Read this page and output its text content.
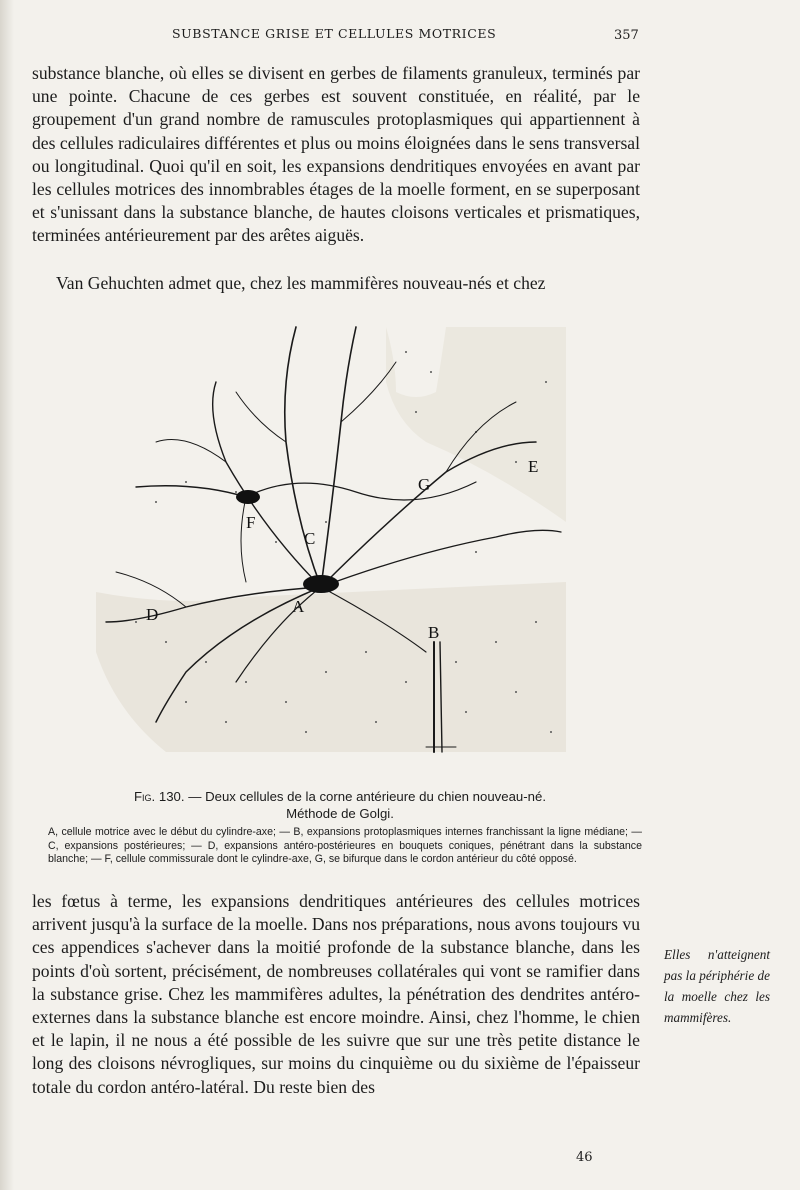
SUBSTANCE GRISE ET CELLULES MOTRICES	357

substance blanche, où elles se divisent en gerbes de filaments granuleux, terminés par une pointe. Chacune de ces gerbes est souvent constituée, en réalité, par le groupement d'un grand nombre de ramuscules protoplasmiques qui appartiennent à des cellules radiculaires différentes et plus ou moins éloignées dans le sens transversal ou longitudinal. Quoi qu'il en soit, les expansions dendritiques envoyées en avant par les cellules motrices des innombrables étages de la moelle forment, en se superposant et s'unissant dans la substance blanche, de hautes cloisons verticales et prismatiques, terminées antérieurement par des arêtes aiguës.

Van Gehuchten admet que, chez les mammifères nouveau-nés et chez

A
B
C
D
E
F
G
Fig. 130. — Deux cellules de la corne antérieure du chien nouveau-né.
Méthode de Golgi.

A, cellule motrice avec le début du cylindre-axe; — B, expansions protoplasmiques internes franchissant la ligne médiane; — C, expansions postérieures; — D, expansions antéro-postérieures en bouquets coniques, pénétrant dans la substance blanche; — F, cellule commissurale dont le cylindre-axe, G, se bifurque dans le cordon antérieur du côté opposé.

les fœtus à terme, les expansions dendritiques antérieures des cellules motrices arrivent jusqu'à la surface de la moelle. Dans nos préparations, nous avons toujours vu ces appendices s'achever dans la moitié profonde de la substance blanche, dans les points d'où sortent, précisément, de nombreuses collatérales qui vont se ramifier dans la substance grise. Chez les mammifères adultes, la pénétration des dendrites antéro-externes dans la substance blanche est encore moindre. Ainsi, chez l'homme, le chien et le lapin, il ne nous a été possible de les suivre que sur une très petite distance le long des cloisons névrogliques, sur moins du cinquième ou du sixième de l'épaisseur totale du cordon antéro-latéral. Du reste bien des

Elles n'atteignent pas la périphérie de la moelle chez les mammifères.
46
